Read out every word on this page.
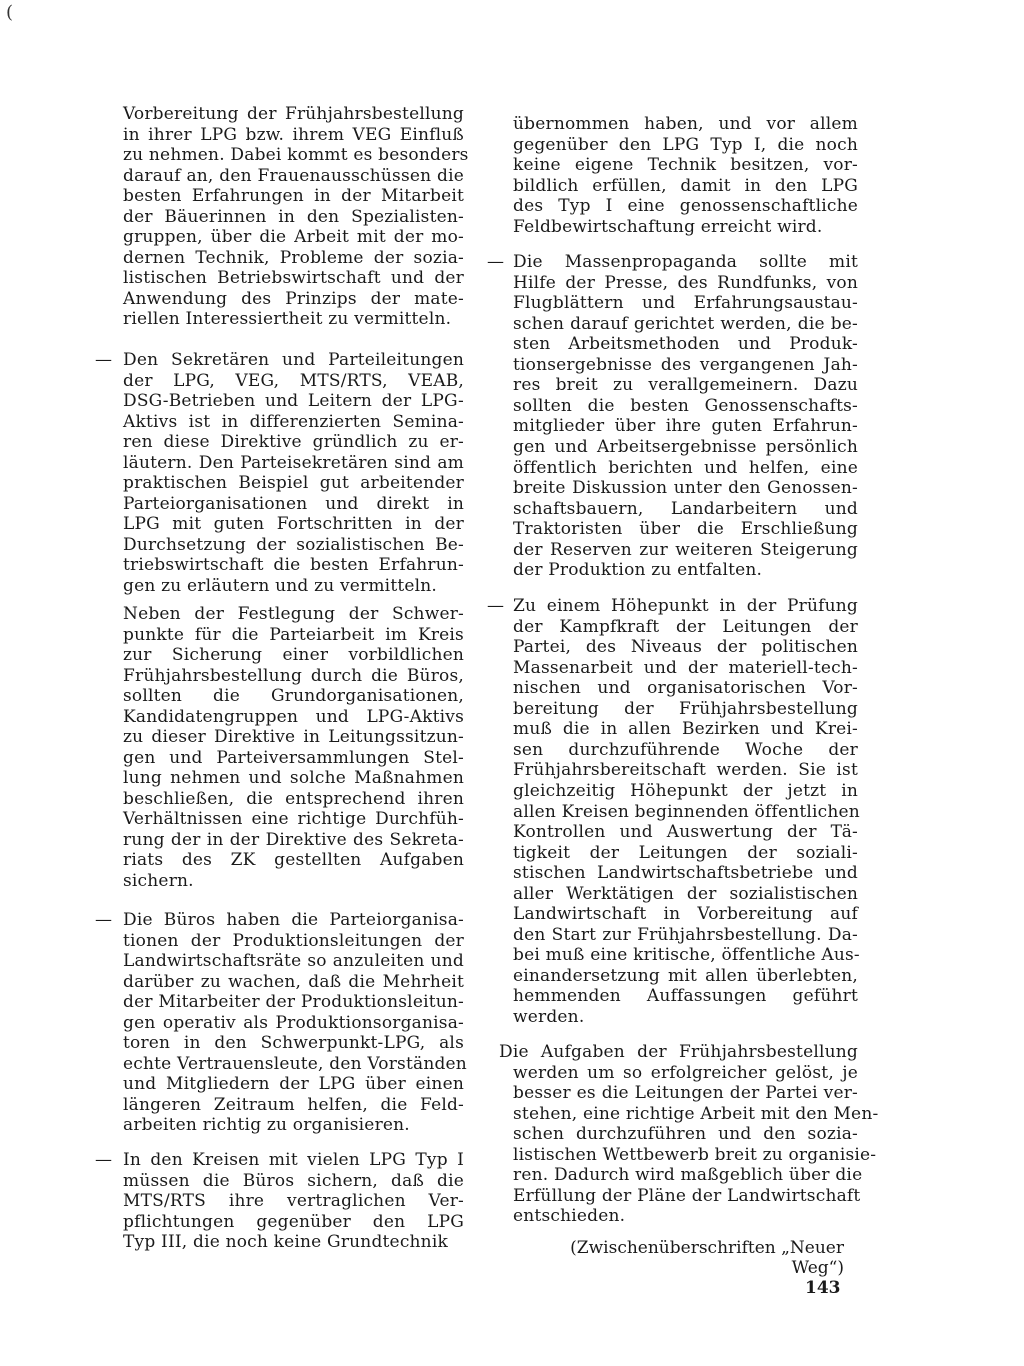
Vorbereitung der Frühjahrsbestellung
in ihrer LPG bzw. ihrem VEG Einfluß
zu nehmen. Dabei kommt es besonders
darauf an, den Frauenausschüssen die
besten Erfahrungen in der Mitarbeit
der Bäuerinnen in den Spezialisten-
gruppen, über die Arbeit mit der mo-
dernen Technik, Probleme der sozia-
listischen Betriebswirtschaft und der
Anwendung des Prinzips der mate-
riellen Interessiertheit zu vermitteln.
— Den Sekretären und Parteileitungen
der LPG, VEG, MTS/RTS, VEAB,
DSG-Betrieben und Leitern der LPG-
Aktivs ist in differenzierten Semina-
ren diese Direktive gründlich zu er-
läutern. Den Parteisekretären sind am
praktischen Beispiel gut arbeitender
Parteiorganisationen und direkt in
LPG mit guten Fortschritten in der
Durchsetzung der sozialistischen Be-
triebswirtschaft die besten Erfahrun-
gen zu erläutern und zu vermitteln.
Neben der Festlegung der Schwer-
punkte für die Parteiarbeit im Kreis
zur Sicherung einer vorbildlichen
Frühjahrsbestellung durch die Büros,
sollten die Grundorganisationen,
Kandidatengruppen und LPG-Aktivs
zu dieser Direktive in Leitungssitzun-
gen und Parteiversammlungen Stel-
lung nehmen und solche Maßnahmen
beschließen, die entsprechend ihren
Verhältnissen eine richtige Durchfüh-
rung der in der Direktive des Sekreta-
riats des ZK gestellten Aufgaben
sichern.
— Die Büros haben die Parteiorganisa-
tionen der Produktionsleitungen der
Landwirtschaftsräte so anzuleiten und
darüber zu wachen, daß die Mehrheit
der Mitarbeiter der Produktionsleitun-
gen operativ als Produktionsorganisa-
toren in den Schwerpunkt-LPG, als
echte Vertrauensleute, den Vorständen
und Mitgliedern der LPG über einen
längeren Zeitraum helfen, die Feld-
arbeiten richtig zu organisieren.
— In den Kreisen mit vielen LPG Typ I
müssen die Büros sichern, daß die
MTS/RTS ihre vertraglichen Ver-
pflichtungen gegenüber den LPG
Typ III, die noch keine Grundtechnik
übernommen haben, und vor allem
gegenüber den LPG Typ I, die noch
keine eigene Technik besitzen, vor-
bildlich erfüllen, damit in den LPG
des Typ I eine genossenschaftliche
Feldbewirtschaftung erreicht wird.
— Die Massenpropaganda sollte mit
Hilfe der Presse, des Rundfunks, von
Flugblättern und Erfahrungsaustau-
schen darauf gerichtet werden, die be-
sten Arbeitsmethoden und Produk-
tionsergebnisse des vergangenen Jah-
res breit zu verallgemeinern. Dazu
sollten die besten Genossenschafts-
mitglieder über ihre guten Erfahrun-
gen und Arbeitsergebnisse persönlich
öffentlich berichten und helfen, eine
breite Diskussion unter den Genossen-
schaftsbauern, Landarbeitern und
Traktoristen über die Erschließung
der Reserven zur weiteren Steigerung
der Produktion zu entfalten.
— Zu einem Höhepunkt in der Prüfung
der Kampfkraft der Leitungen der
Partei, des Niveaus der politischen
Massenarbeit und der materiell-tech-
nischen und organisatorischen Vor-
bereitung der Frühjahrsbestellung
muß die in allen Bezirken und Krei-
sen durchzuführende Woche der
Frühjahrsbereitschaft werden. Sie ist
gleichzeitig Höhepunkt der jetzt in
allen Kreisen beginnenden öffentlichen
Kontrollen und Auswertung der Tä-
tigkeit der Leitungen der soziali-
stischen Landwirtschaftsbetriebe und
aller Werktätigen der sozialistischen
Landwirtschaft in Vorbereitung auf
den Start zur Frühjahrsbestellung. Da-
bei muß eine kritische, öffentliche Aus-
einandersetzung mit allen überlebten,
hemmenden Auffassungen geführt
werden.
Die Aufgaben der Frühjahrsbestellung
werden um so erfolgreicher gelöst, je
besser es die Leitungen der Partei ver-
stehen, eine richtige Arbeit mit den Men-
schen durchzuführen und den sozia-
listischen Wettbewerb breit zu organisie-
ren. Dadurch wird maßgeblich über die
Erfüllung der Pläne der Landwirtschaft
entschieden.
(Zwischenüberschriften „Neuer Weg“)
143
(
